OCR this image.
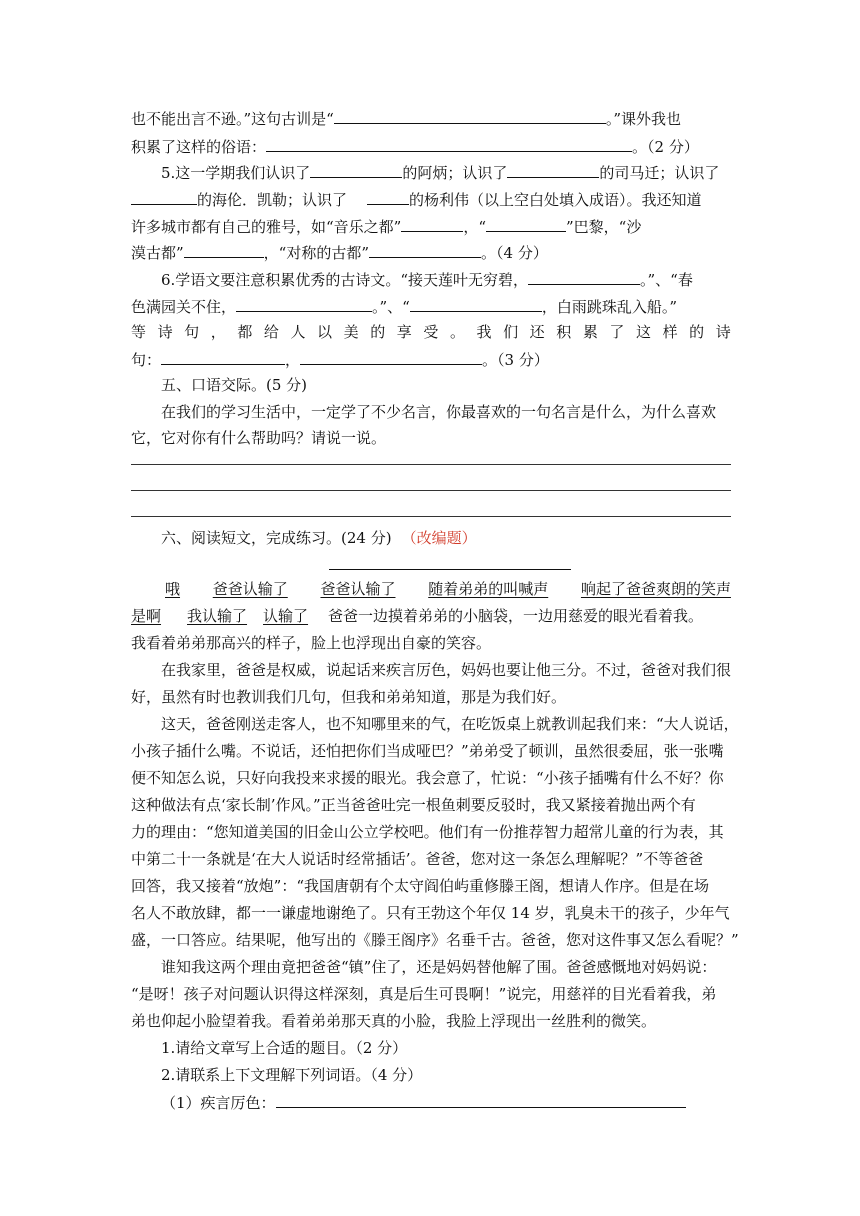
也不能出言不逊。”这句古训是“	。”课外我也
积累了这样的俗语：	。（2 分）
5.这一学期我们认识了	的阿炳；认识了	的司马迁；认识了
的海伦．凯勒；认识了	的杨利伟（以上空白处填入成语）。我还知道
许多城市都有自己的雅号，如“音乐之都”	，“	”巴黎，“沙
漠古都”	，“对称的古都”	。（4 分）
6.学语文要注意积累优秀的古诗文。“接天莲叶无穷碧，	。”、“春
色满园关不住，	。”、“	，白雨跳珠乱入船。”
等 诗 句 ， 都 给 人 以 美 的 享 受 。 我 们 还 积 累 了 这 样 的 诗
句：	，	。（3 分）
五、口语交际。(5 分)
在我们的学习生活中，一定学了不少名言，你最喜欢的一句名言是什么，为什么喜欢
它，它对你有什么帮助吗？请说一说。
六、阅读短文，完成练习。(24 分) （改编题）
哦 爸爸认输了 爸爸认输了 随着弟弟的叫喊声 响起了爸爸爽朗的笑声
是啊 我认输了 认输了 爸爸一边摸着弟弟的小脑袋，一边用慈爱的眼光看着我。
我看着弟弟那高兴的样子，脸上也浮现出自豪的笑容。
在我家里，爸爸是权威，说起话来疾言厉色，妈妈也要让他三分。不过，爸爸对我们很
好，虽然有时也教训我们几句，但我和弟弟知道，那是为我们好。
这天，爸爸刚送走客人，也不知哪里来的气，在吃饭桌上就教训起我们来：“大人说话，
小孩子插什么嘴。不说话，还怕把你们当成哑巴？”弟弟受了顿训，虽然很委屈，张一张嘴
便不知怎么说，只好向我投来求援的眼光。我会意了，忙说：“小孩子插嘴有什么不好？你
这种做法有点‘家长制’作风。”正当爸爸吐完一根鱼刺要反驳时，我又紧接着抛出两个有
力的理由：“您知道美国的旧金山公立学校吧。他们有一份推荐智力超常儿童的行为表，其
中第二十一条就是‘在大人说话时经常插话’。爸爸，您对这一条怎么理解呢？”不等爸爸
回答，我又接着“放炮”：“我国唐朝有个太守阎伯屿重修滕王阁，想请人作序。但是在场
名人不敢放肆，都一一谦虚地谢绝了。只有王勃这个年仅 14 岁，乳臭未干的孩子，少年气
盛，一口答应。结果呢，他写出的《滕王阁序》名垂千古。爸爸，您对这件事又怎么看呢？”
谁知我这两个理由竟把爸爸“镇”住了，还是妈妈替他解了围。爸爸感慨地对妈妈说：
“是呀！孩子对问题认识得这样深刻，真是后生可畏啊！”说完，用慈祥的目光看着我，弟
弟也仰起小脸望着我。看着弟弟那天真的小脸，我脸上浮现出一丝胜利的微笑。
1.请给文章写上合适的题目。（2 分）
2.请联系上下文理解下列词语。（4 分）
（1）疾言厉色：
